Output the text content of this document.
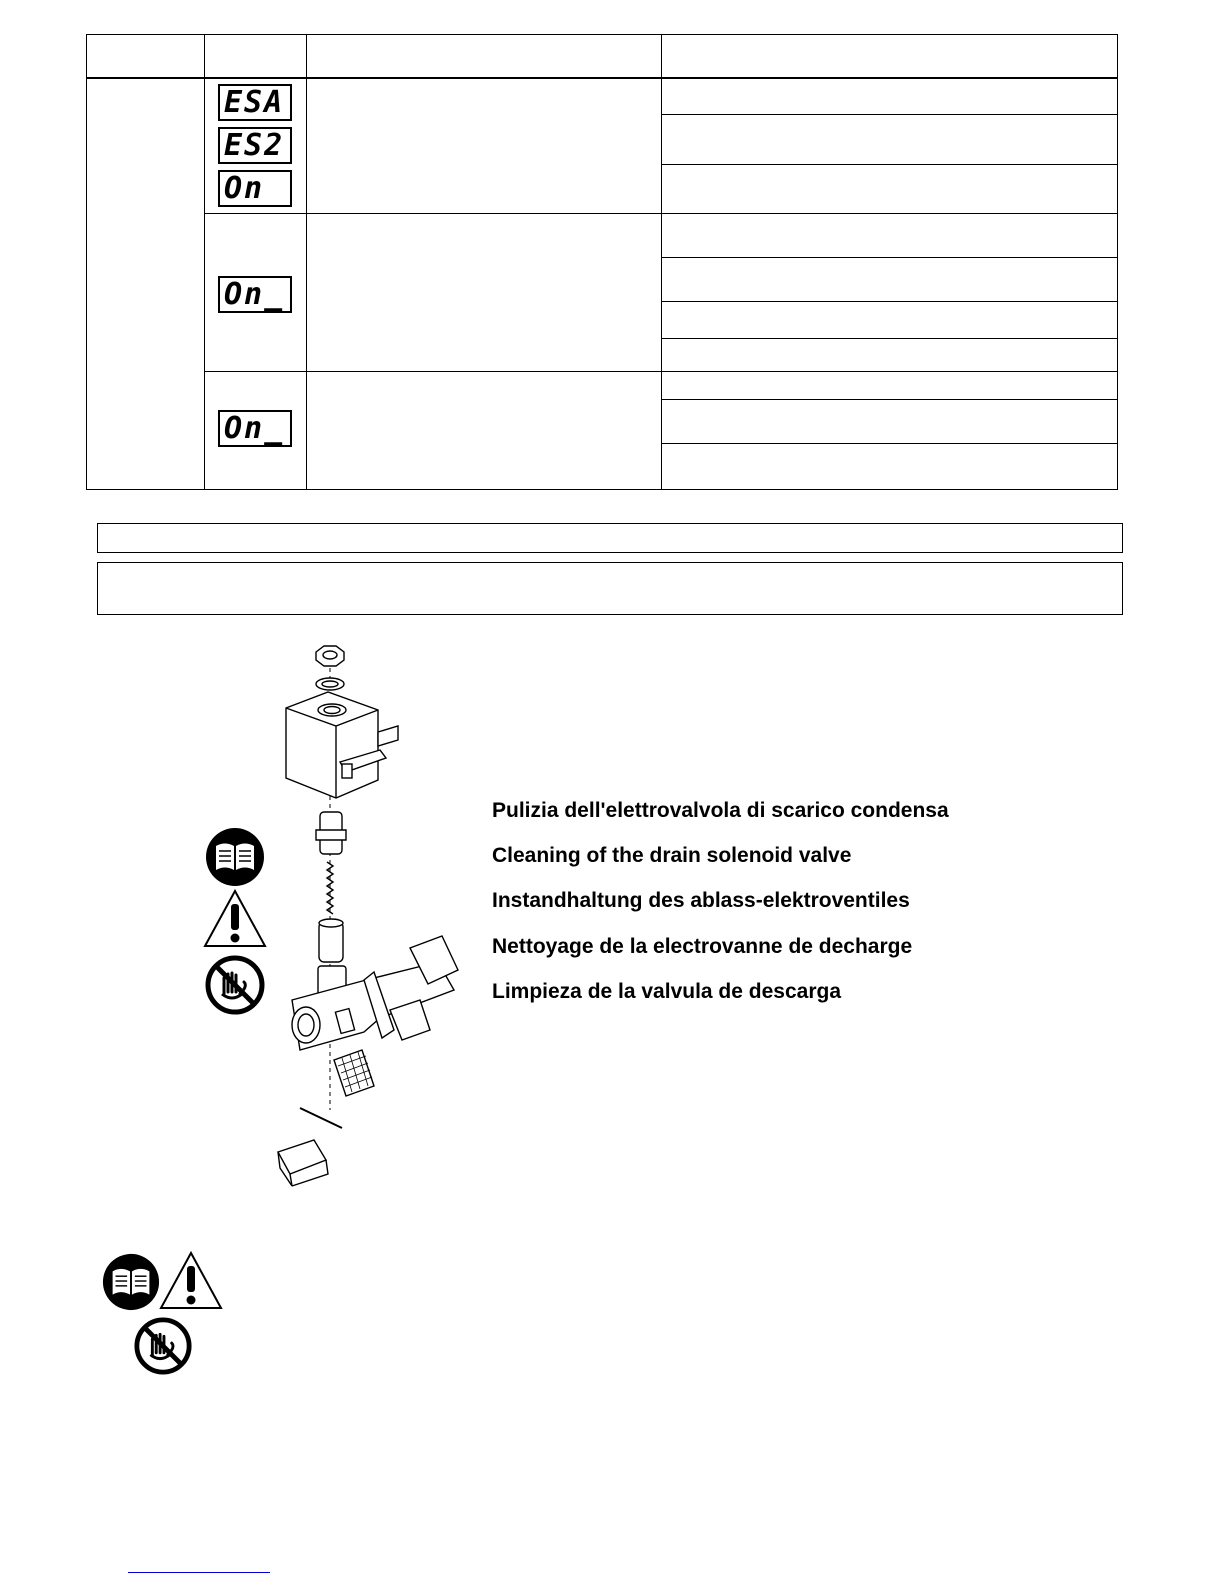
ESA
ES2
On
On_
On_
Pulizia dell'elettrovalvola di scarico condensa
Cleaning of the drain solenoid valve
Instandhaltung des ablass-elektroventiles
Nettoyage de la electrovanne de decharge
Limpieza de la valvula de descarga
